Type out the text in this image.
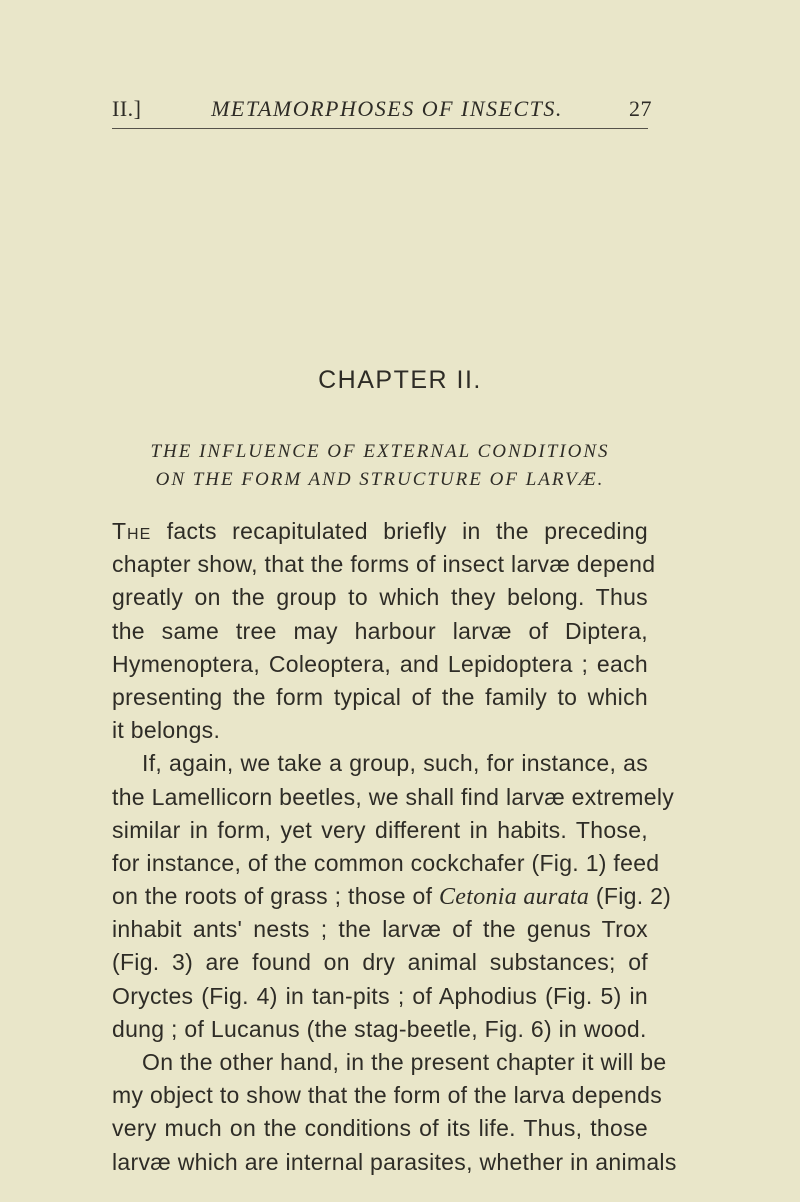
II.]	METAMORPHOSES OF INSECTS.	27
CHAPTER II.
THE INFLUENCE OF EXTERNAL CONDITIONS
ON THE FORM AND STRUCTURE OF LARVÆ.
The facts recapitulated briefly in the preceding
chapter show, that the forms of insect larvæ depend
greatly on the group to which they belong. Thus
the same tree may harbour larvæ of Diptera,
Hymenoptera, Coleoptera, and Lepidoptera ; each
presenting the form typical of the family to which
it belongs.
If, again, we take a group, such, for instance, as
the Lamellicorn beetles, we shall find larvæ extremely
similar in form, yet very different in habits. Those,
for instance, of the common cockchafer (Fig. 1) feed
on the roots of grass ; those of Cetonia aurata (Fig. 2)
inhabit ants' nests ; the larvæ of the genus Trox
(Fig. 3) are found on dry animal substances; of
Oryctes (Fig. 4) in tan-pits ; of Aphodius (Fig. 5) in
dung ; of Lucanus (the stag-beetle, Fig. 6) in wood.
On the other hand, in the present chapter it will be
my object to show that the form of the larva depends
very much on the conditions of its life. Thus, those
larvæ which are internal parasites, whether in animals
